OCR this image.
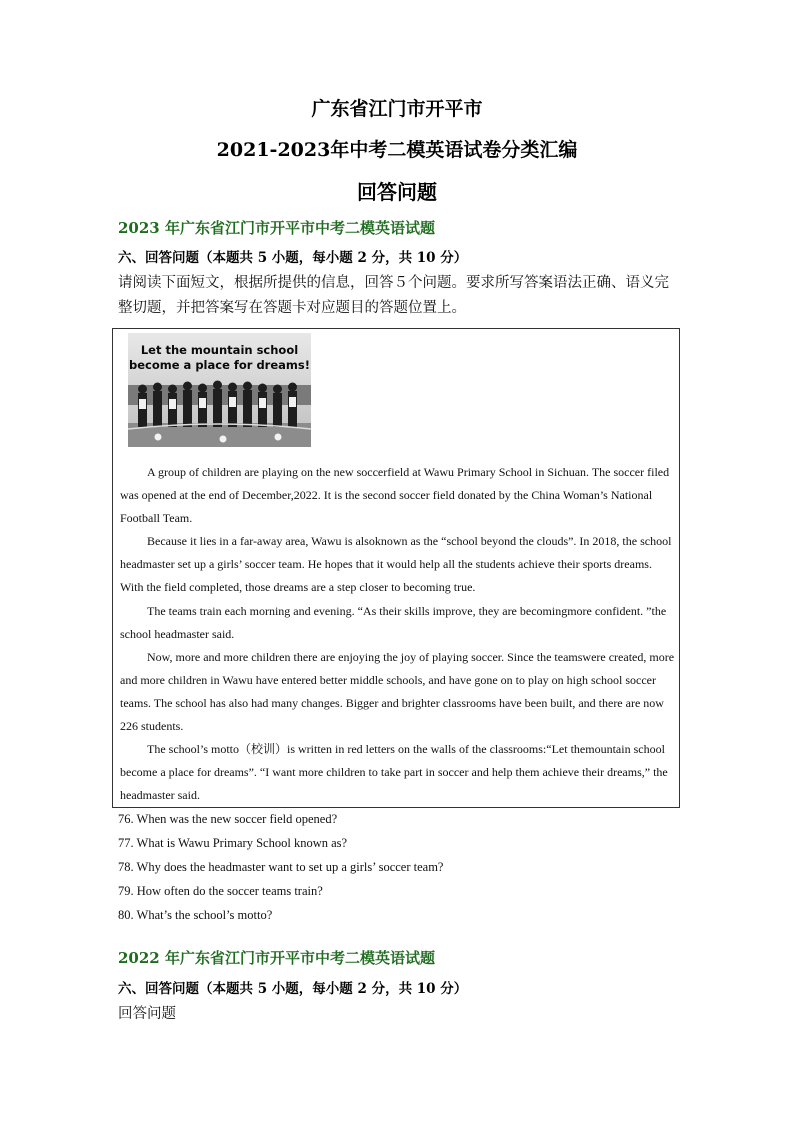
广东省江门市开平市
2021-2023年中考二模英语试卷分类汇编
回答问题
2023 年广东省江门市开平市中考二模英语试题
六、回答问题（本题共 5 小题，每小题 2 分，共 10 分）
请阅读下面短文，根据所提供的信息，回答５个问题。要求所写答案语法正确、语义完整切题，并把答案写在答题卡对应题目的答题位置上。
Let the mountain school become a place for dreams!

A group of children are playing on the new soccerfield at Wawu Primary School in Sichuan. The soccer filed was opened at the end of December,2022. It is the second soccer field donated by the China Woman’s National Football Team.

Because it lies in a far-away area, Wawu is alsoknown as the “school beyond the clouds”. In 2018, the school headmaster set up a girls’ soccer team. He hopes that it would help all the students achieve their sports dreams. With the field completed, those dreams are a step closer to becoming true.

The teams train each morning and evening. “As their skills improve, they are becomingmore confident. ”the school headmaster said.

Now, more and more children there are enjoying the joy of playing soccer. Since the teamswere created, more and more children in Wawu have entered better middle schools, and have gone on to play on high school soccer teams. The school has also had many changes. Bigger and brighter classrooms have been built, and there are now 226 students.

The school’s motto（校训）is written in red letters on the walls of the classrooms:“Let themountain school become a place for dreams”. “I want more children to take part in soccer and help them achieve their dreams,” the headmaster said.

76. When was the new soccer field opened?
77. What is Wawu Primary School known as?
78. Why does the headmaster want to set up a girls’ soccer team?
79. How often do the soccer teams train?
80. What’s the school’s motto?
2022 年广东省江门市开平市中考二模英语试题
六、回答问题（本题共 5 小题，每小题 2 分，共 10 分）
回答问题
